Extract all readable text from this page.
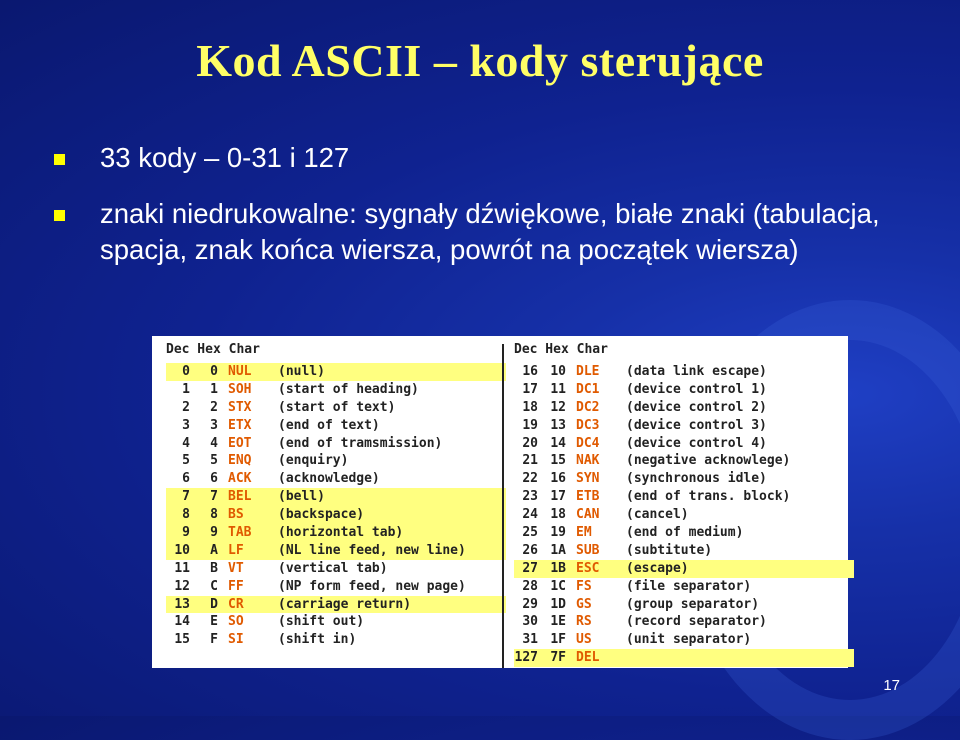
Kod ASCII – kody sterujące
33 kody – 0-31 i 127
znaki niedrukowalne: sygnały dźwiękowe, białe znaki (tabulacja, spacja, znak końca wiersza, powrót na początek wiersza)
Dec Hex Char
0	0 NUL (null)
1	1 SOH (start of heading)
2	2 STX (start of text)
3	3 ETX (end of text)
4	4 EOT (end of tramsmission)
5	5 ENQ (enquiry)
6	6 ACK (acknowledge)
7	7 BEL (bell)
8	8 BS	(backspace)
9	9 TAB (horizontal tab)
10	A LF	(NL line feed, new line)
11	B VT	(vertical tab)
12	C FF	(NP form feed, new page)
13	D CR	(carriage return)
14	E SO	(shift out)
15	F SI	(shift in)
Dec Hex Char
16 10 DLE (data link escape)
17 11 DC1 (device control 1)
18 12 DC2 (device control 2)
19 13 DC3 (device control 3)
20 14 DC4 (device control 4)
21 15 NAK (negative acknowlege)
22 16 SYN (synchronous idle)
23 17 ETB (end of trans. block)
24 18 CAN (cancel)
25 19 EM	(end of medium)
26 1A SUB (subtitute)
27 1B ESC (escape)
28 1C FS	(file separator)
29 1D GS	(group separator)
30 1E RS	(record separator)
31 1F US	(unit separator)
127 7F DEL
17
